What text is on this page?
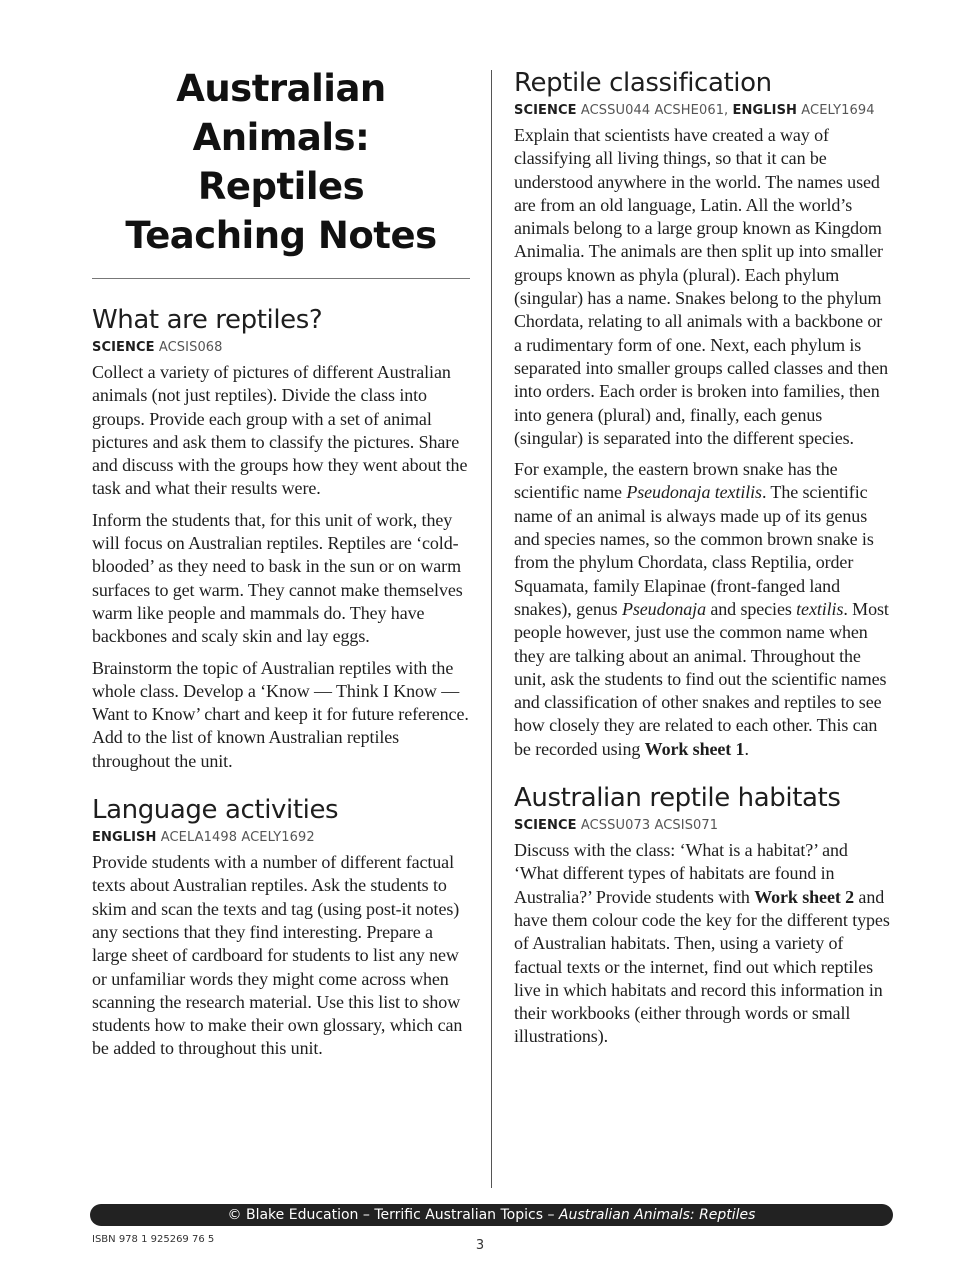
Australian Animals:
Reptiles
Teaching Notes
What are reptiles?
SCIENCE ACSIS068

Collect a variety of pictures of different Australian animals (not just reptiles). Divide the class into groups. Provide each group with a set of animal pictures and ask them to classify the pictures. Share and discuss with the groups how they went about the task and what their results were.

Inform the students that, for this unit of work, they will focus on Australian reptiles. Reptiles are ‘cold-blooded’ as they need to bask in the sun or on warm surfaces to get warm. They cannot make themselves warm like people and mammals do. They have backbones and scaly skin and lay eggs.

Brainstorm the topic of Australian reptiles with the whole class. Develop a ‘Know — Think I Know — Want to Know’ chart and keep it for future reference. Add to the list of known Australian reptiles throughout the unit.

Language activities
ENGLISH ACELA1498 ACELY1692

Provide students with a number of different factual texts about Australian reptiles. Ask the students to skim and scan the texts and tag (using post-it notes) any sections that they find interesting. Prepare a large sheet of cardboard for students to list any new or unfamiliar words they might come across when scanning the research material. Use this list to show students how to make their own glossary, which can be added to throughout this unit.

Reptile classification
SCIENCE ACSSU044 ACSHE061, ENGLISH ACELY1694

Explain that scientists have created a way of classifying all living things, so that it can be understood anywhere in the world. The names used are from an old language, Latin. All the world’s animals belong to a large group known as Kingdom Animalia. The animals are then split up into smaller groups known as phyla (plural). Each phylum (singular) has a name. Snakes belong to the phylum Chordata, relating to all animals with a backbone or a rudimentary form of one. Next, each phylum is separated into smaller groups called classes and then into orders. Each order is broken into families, then into genera (plural) and, finally, each genus (singular) is separated into the different species.

For example, the eastern brown snake has the scientific name Pseudonaja textilis. The scientific name of an animal is always made up of its genus and species names, so the common brown snake is from the phylum Chordata, class Reptilia, order Squamata, family Elapinae (front-fanged land snakes), genus Pseudonaja and species textilis. Most people however, just use the common name when they are talking about an animal. Throughout the unit, ask the students to find out the scientific names and classification of other snakes and reptiles to see how closely they are related to each other. This can be recorded using Work sheet 1.

Australian reptile habitats
SCIENCE ACSSU073 ACSIS071

Discuss with the class: ‘What is a habitat?’ and ‘What different types of habitats are found in Australia?’ Provide students with Work sheet 2 and have them colour code the key for the different types of Australian habitats. Then, using a variety of factual texts or the internet, find out which reptiles live in which habitats and record this information in their workbooks (either through words or small illustrations).

© Blake Education – Terrific Australian Topics – Australian Animals: Reptiles
ISBN 978 1 925269 76 5	3
